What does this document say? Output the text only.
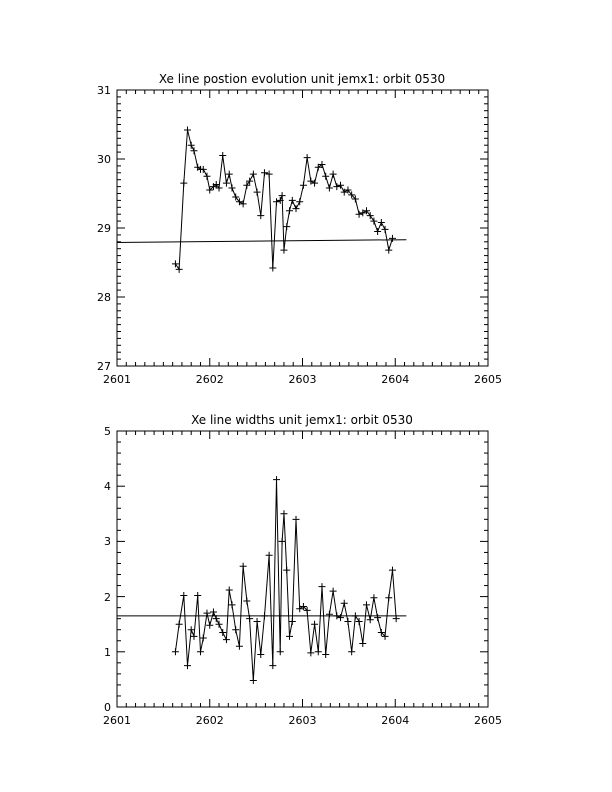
Xe line postion evolution unit jemx1: orbit 0530
2601	2602	2603	2604	2605
27
28
29
30
31
Xe line widths unit jemx1: orbit 0530
2601	2602	2603	2604	2605
0
1
2
3
4
5
